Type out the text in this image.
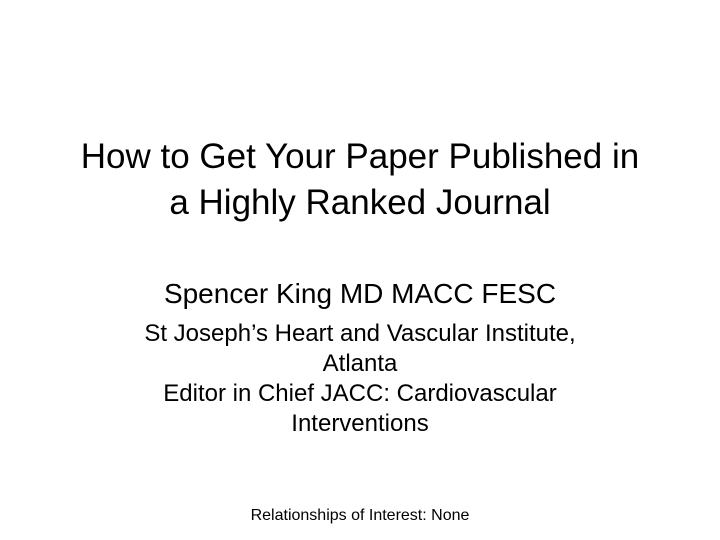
How to Get Your Paper Published in
a Highly Ranked Journal
Spencer King MD MACC FESC
St Joseph’s Heart and Vascular Institute,
Atlanta
Editor in Chief JACC: Cardiovascular
Interventions
Relationships of Interest: None
